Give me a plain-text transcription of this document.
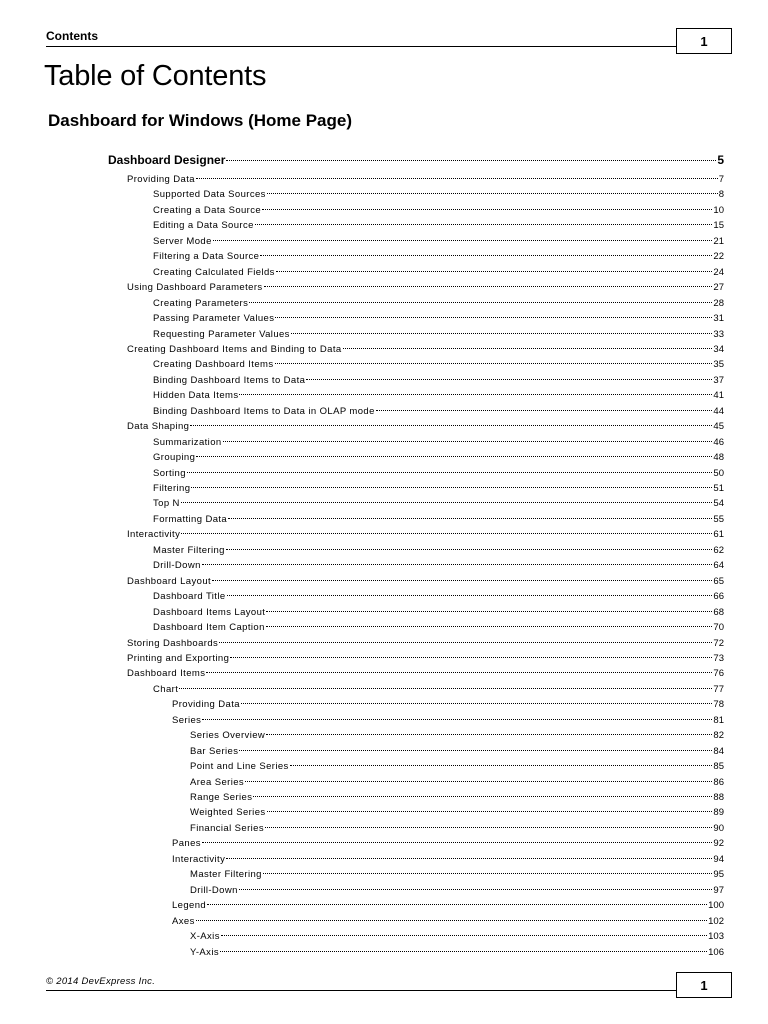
Contents	1
Table of Contents
Dashboard for Windows (Home Page)
Dashboard Designer	5
Providing Data	7
Supported Data Sources	8
Creating a Data Source	10
Editing a Data Source	15
Server Mode	21
Filtering a Data Source	22
Creating Calculated Fields	24
Using Dashboard Parameters	27
Creating Parameters	28
Passing Parameter Values	31
Requesting Parameter Values	33
Creating Dashboard Items and Binding to Data	34
Creating Dashboard Items	35
Binding Dashboard Items to Data	37
Hidden Data Items	41
Binding Dashboard Items to Data in OLAP mode	44
Data Shaping	45
Summarization	46
Grouping	48
Sorting	50
Filtering	51
Top N	54
Formatting Data	55
Interactivity	61
Master Filtering	62
Drill-Down	64
Dashboard Layout	65
Dashboard Title	66
Dashboard Items Layout	68
Dashboard Item Caption	70
Storing Dashboards	72
Printing and Exporting	73
Dashboard Items	76
Chart	77
Providing Data	78
Series	81
Series Overview	82
Bar Series	84
Point and Line Series	85
Area Series	86
Range Series	88
Weighted Series	89
Financial Series	90
Panes	92
Interactivity	94
Master Filtering	95
Drill-Down	97
Legend	100
Axes	102
X-Axis	103
Y-Axis	106
© 2014 DevExpress Inc.	1
